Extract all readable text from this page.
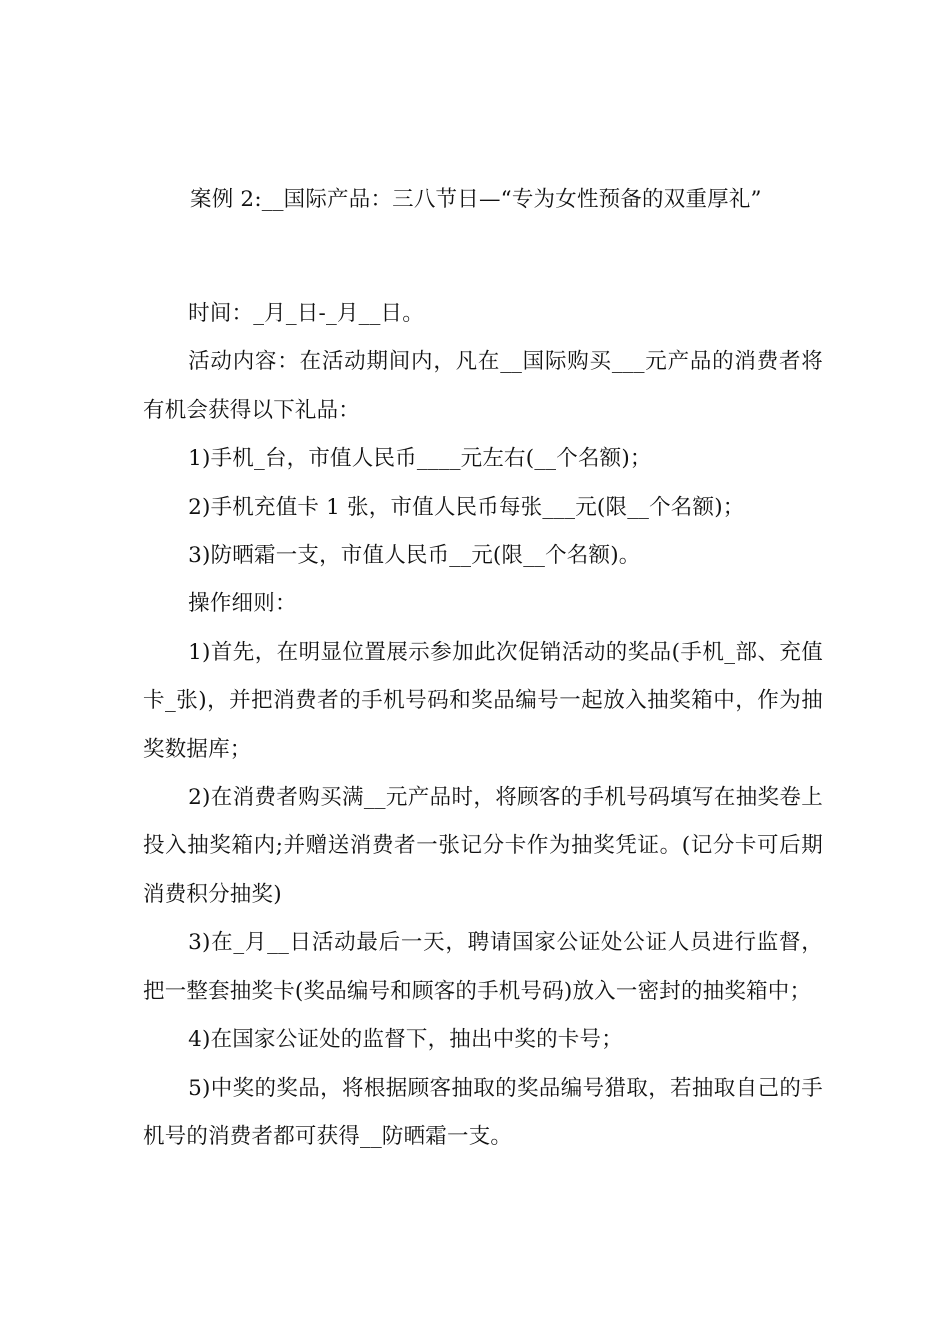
案例 2:__国际产品：三八节日—“专为女性预备的双重厚礼”

时间：_月_日-_月__日。

活动内容：在活动期间内，凡在__国际购买___元产品的消费者将有机会获得以下礼品：

1)手机_台，市值人民币____元左右(__个名额)；

2)手机充值卡 1 张，市值人民币每张___元(限__个名额)；

3)防晒霜一支，市值人民币__元(限__个名额)。

操作细则：

1)首先，在明显位置展示参加此次促销活动的奖品(手机_部、充值卡_张)，并把消费者的手机号码和奖品编号一起放入抽奖箱中，作为抽奖数据库；

2)在消费者购买满__元产品时，将顾客的手机号码填写在抽奖卷上投入抽奖箱内;并赠送消费者一张记分卡作为抽奖凭证。(记分卡可后期消费积分抽奖)

3)在_月__日活动最后一天，聘请国家公证处公证人员进行监督，把一整套抽奖卡(奖品编号和顾客的手机号码)放入一密封的抽奖箱中；

4)在国家公证处的监督下，抽出中奖的卡号；

5)中奖的奖品，将根据顾客抽取的奖品编号猎取，若抽取自己的手机号的消费者都可获得__防晒霜一支。
